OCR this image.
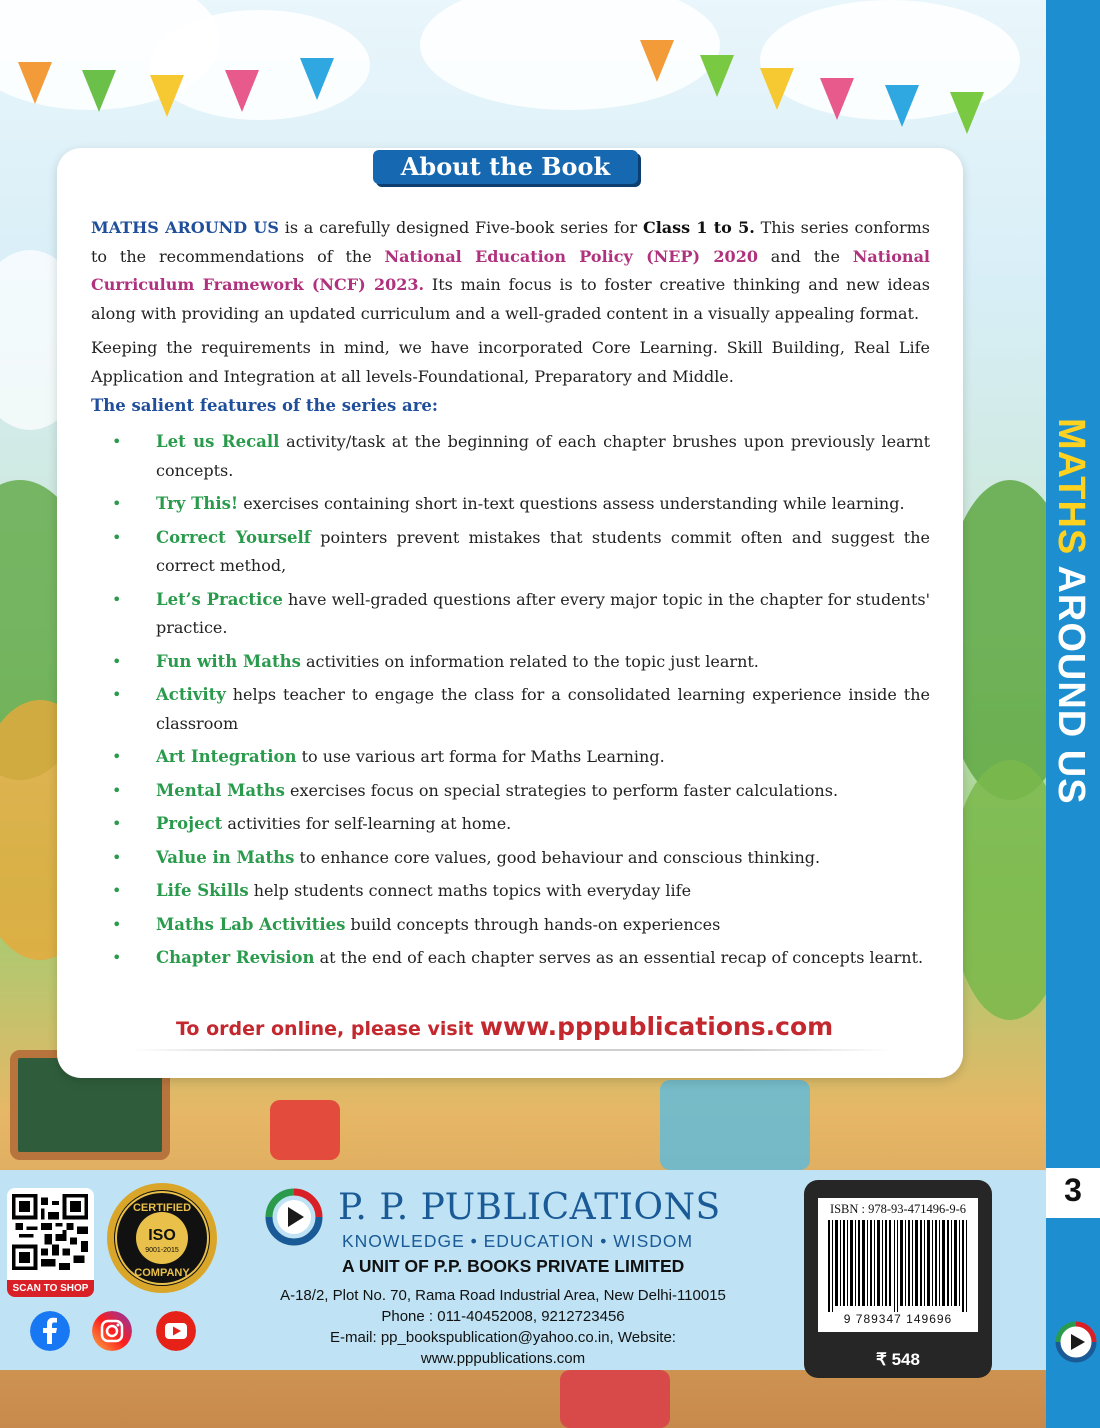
MATHS AROUND US
3
About the Book

MATHS AROUND US is a carefully designed Five-book series for Class 1 to 5. This series conforms to the recommendations of the National Education Policy (NEP) 2020 and the National Curriculum Framework (NCF) 2023. Its main focus is to foster creative thinking and new ideas along with providing an updated curriculum and a well-graded content in a visually appealing format.

Keeping the requirements in mind, we have incorporated Core Learning. Skill Building, Real Life Application and Integration at all levels-Foundational, Preparatory and Middle.

The salient features of the series are:
• Let us Recall activity/task at the beginning of each chapter brushes upon previously learnt concepts.
• Try This! exercises containing short in-text questions assess understanding while learning.
• Correct Yourself pointers prevent mistakes that students commit often and suggest the correct method,
• Let’s Practice have well-graded questions after every major topic in the chapter for students' practice.
• Fun with Maths activities on information related to the topic just learnt.
• Activity helps teacher to engage the class for a consolidated learning experience inside the classroom
• Art Integration to use various art forma for Maths Learning.
• Mental Maths exercises focus on special strategies to perform faster calculations.
• Project activities for self-learning at home.
• Value in Maths to enhance core values, good behaviour and conscious thinking.
• Life Skills help students connect maths topics with everyday life
• Maths Lab Activities build concepts through hands-on experiences
• Chapter Revision at the end of each chapter serves as an essential recap of concepts learnt.
To order online, please visit www.pppublications.com
SCAN TO SHOP
CERTIFIED
ISO
9001-2015
COMPANY
P. P. PUBLICATIONS
KNOWLEDGE • EDUCATION • WISDOM
A UNIT OF P.P. BOOKS PRIVATE LIMITED
A-18/2, Plot No. 70, Rama Road Industrial Area, New Delhi-110015
Phone : 011-40452008, 9212723456
E-mail: pp_bookspublication@yahoo.co.in, Website: www.pppublications.com
ISBN : 978-93-471496-9-6
9 789347 149696
₹ 548
